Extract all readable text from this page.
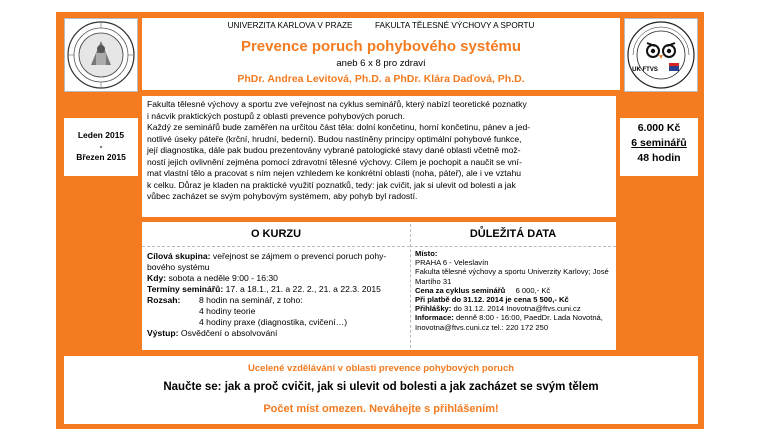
UNIVERZITA KARLOVA V PRAZE	FAKULTA TĚLESNÉ VÝCHOVY A SPORTU
Prevence poruch pohybového systému
aneb 6 x 8 pro zdraví
PhDr. Andrea Levitová, Ph.D. a PhDr. Klára Daďová, Ph.D.
UK FTVS
Leden 2015
-
Březen 2015
6.000 Kč
6 seminářů
48 hodin
Fakulta tělesné výchovy a sportu zve veřejnost na cyklus seminářů, který nabízí teoretické poznatky
i nácvik praktických postupů z oblasti prevence pohybových poruch.
Každý ze seminářů bude zaměřen na určitou část těla: dolní končetinu, horní končetinu, pánev a jed-
notlivé úseky páteře (krční, hrudní, bederní). Budou nastíněny principy optimální pohybové funkce,
její diagnostika, dále pak budou prezentovány vybrané patologické stavy dané oblasti včetně mož-
ností jejich ovlivnění zejména pomocí zdravotní tělesné výchovy. Cílem je pochopit a naučit se vní-
mat vlastní tělo a pracovat s ním nejen vzhledem ke konkrétní oblasti (noha, páteř), ale i ve vztahu
k celku. Důraz je kladen na praktické využití poznatků, tedy: jak cvičit, jak si ulevit od bolesti a jak
vůbec zacházet se svým pohybovým systémem, aby pohyb byl radostí.
O KURZU	DŮLEŽITÁ DATA
Cílová skupina: veřejnost se zájmem o prevenci poruch pohy-
bového systému
Kdy: sobota a neděle 9:00 - 16:30
Termíny seminářů: 17. a 18.1., 21. a 22. 2., 21. a 22.3. 2015
Rozsah: 8 hodin na seminář, z toho:
4 hodiny teorie
4 hodiny praxe (diagnostika, cvičení…)
Výstup: Osvědčení o absolvování
Místo:
PRAHA 6 - Veleslavín
Fakulta tělesné výchovy a sportu Univerzity Karlovy; José
Martího 31
Cena za cyklus seminářů 6 000,- Kč
Při platbě do 31.12. 2014 je cena 5 500,- Kč
Přihlášky: do 31.12. 2014 Inovotna@ftvs.cuni.cz
Informace: denně 8:00 - 16:00, PaedDr. Lada Novotná,
Inovotna@ftvs.cuni.cz tel.: 220 172 250
Ucelené vzdělávání v oblasti prevence pohybových poruch
Naučte se: jak a proč cvičit, jak si ulevit od bolesti a jak zacházet se svým tělem
Počet míst omezen. Neváhejte s přihlášením!
